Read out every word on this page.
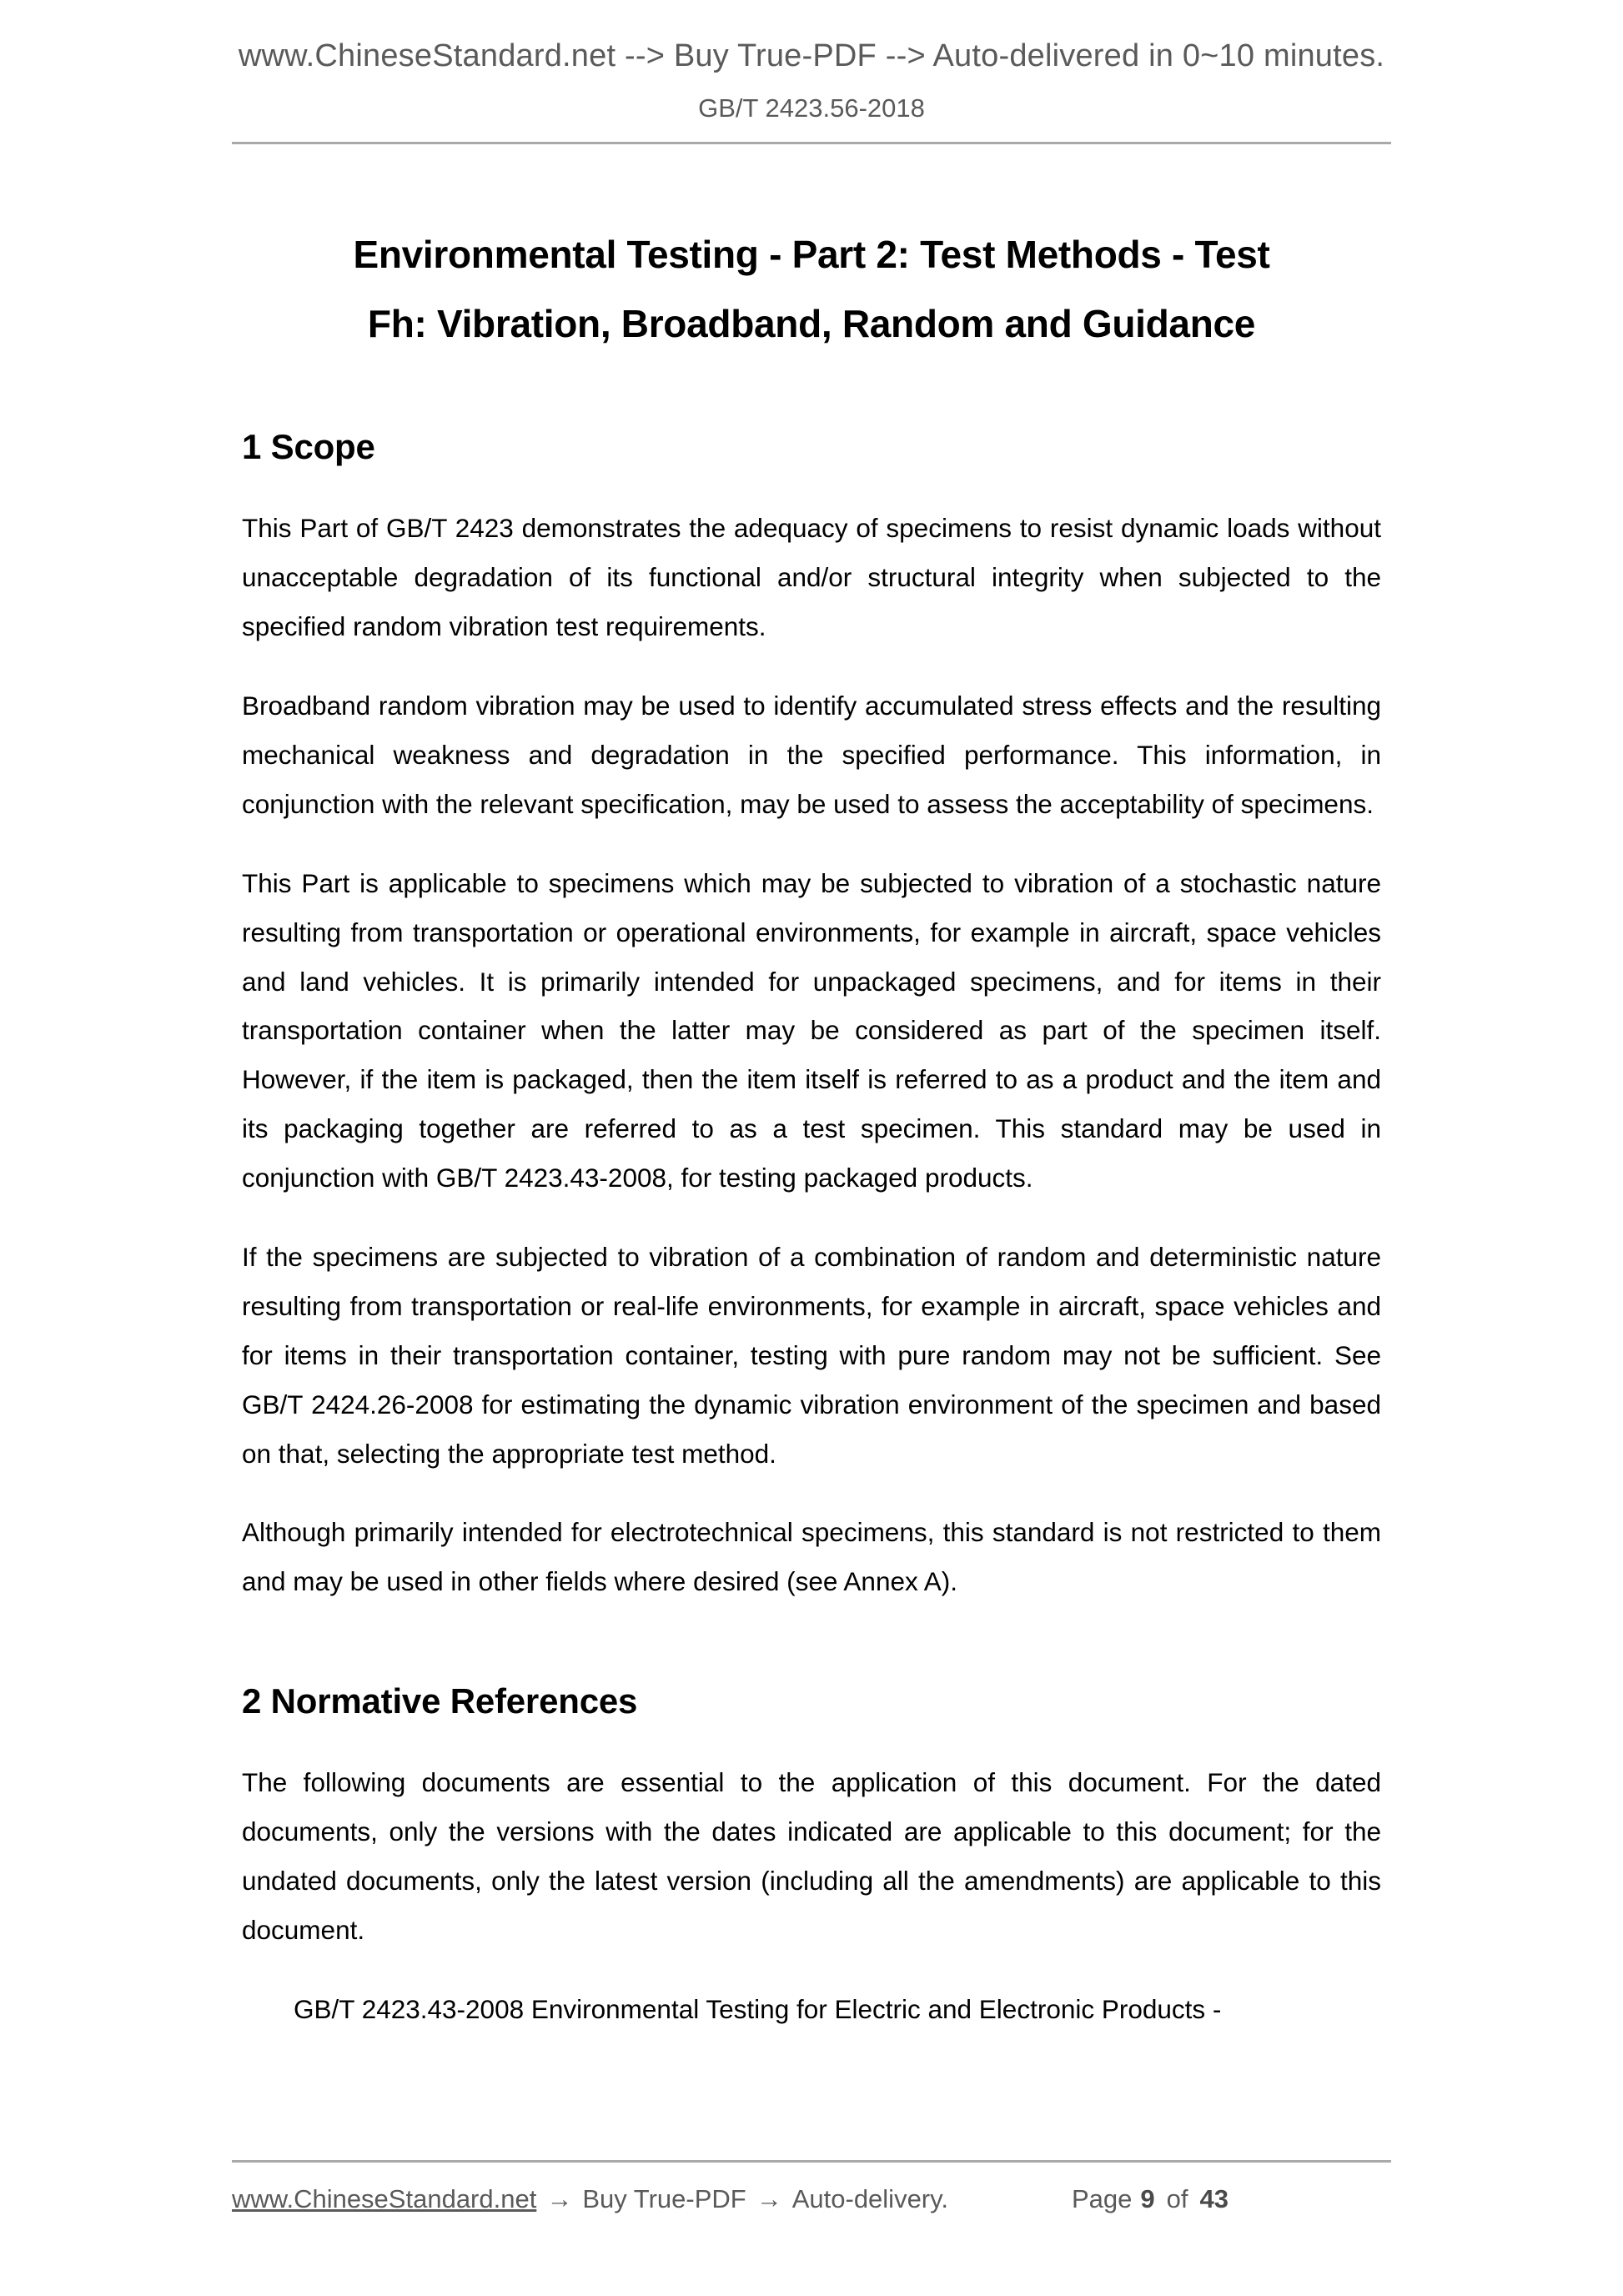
www.ChineseStandard.net --> Buy True-PDF --> Auto-delivered in 0~10 minutes.
GB/T 2423.56-2018
Environmental Testing - Part 2: Test Methods - Test
Fh: Vibration, Broadband, Random and Guidance
1 Scope

This Part of GB/T 2423 demonstrates the adequacy of specimens to resist dynamic loads without unacceptable degradation of its functional and/or structural integrity when subjected to the specified random vibration test requirements.

Broadband random vibration may be used to identify accumulated stress effects and the resulting mechanical weakness and degradation in the specified performance. This information, in conjunction with the relevant specification, may be used to assess the acceptability of specimens.

This Part is applicable to specimens which may be subjected to vibration of a stochastic nature resulting from transportation or operational environments, for example in aircraft, space vehicles and land vehicles. It is primarily intended for unpackaged specimens, and for items in their transportation container when the latter may be considered as part of the specimen itself. However, if the item is packaged, then the item itself is referred to as a product and the item and its packaging together are referred to as a test specimen. This standard may be used in conjunction with GB/T 2423.43-2008, for testing packaged products.

If the specimens are subjected to vibration of a combination of random and deterministic nature resulting from transportation or real-life environments, for example in aircraft, space vehicles and for items in their transportation container, testing with pure random may not be sufficient. See GB/T 2424.26-2008 for estimating the dynamic vibration environment of the specimen and based on that, selecting the appropriate test method.

Although primarily intended for electrotechnical specimens, this standard is not restricted to them and may be used in other fields where desired (see Annex A).

2 Normative References

The following documents are essential to the application of this document. For the dated documents, only the versions with the dates indicated are applicable to this document; for the undated documents, only the latest version (including all the amendments) are applicable to this document.

GB/T 2423.43-2008 Environmental Testing for Electric and Electronic Products -

www.ChineseStandard.net → Buy True-PDF → Auto-delivery.	Page 9 of 43
